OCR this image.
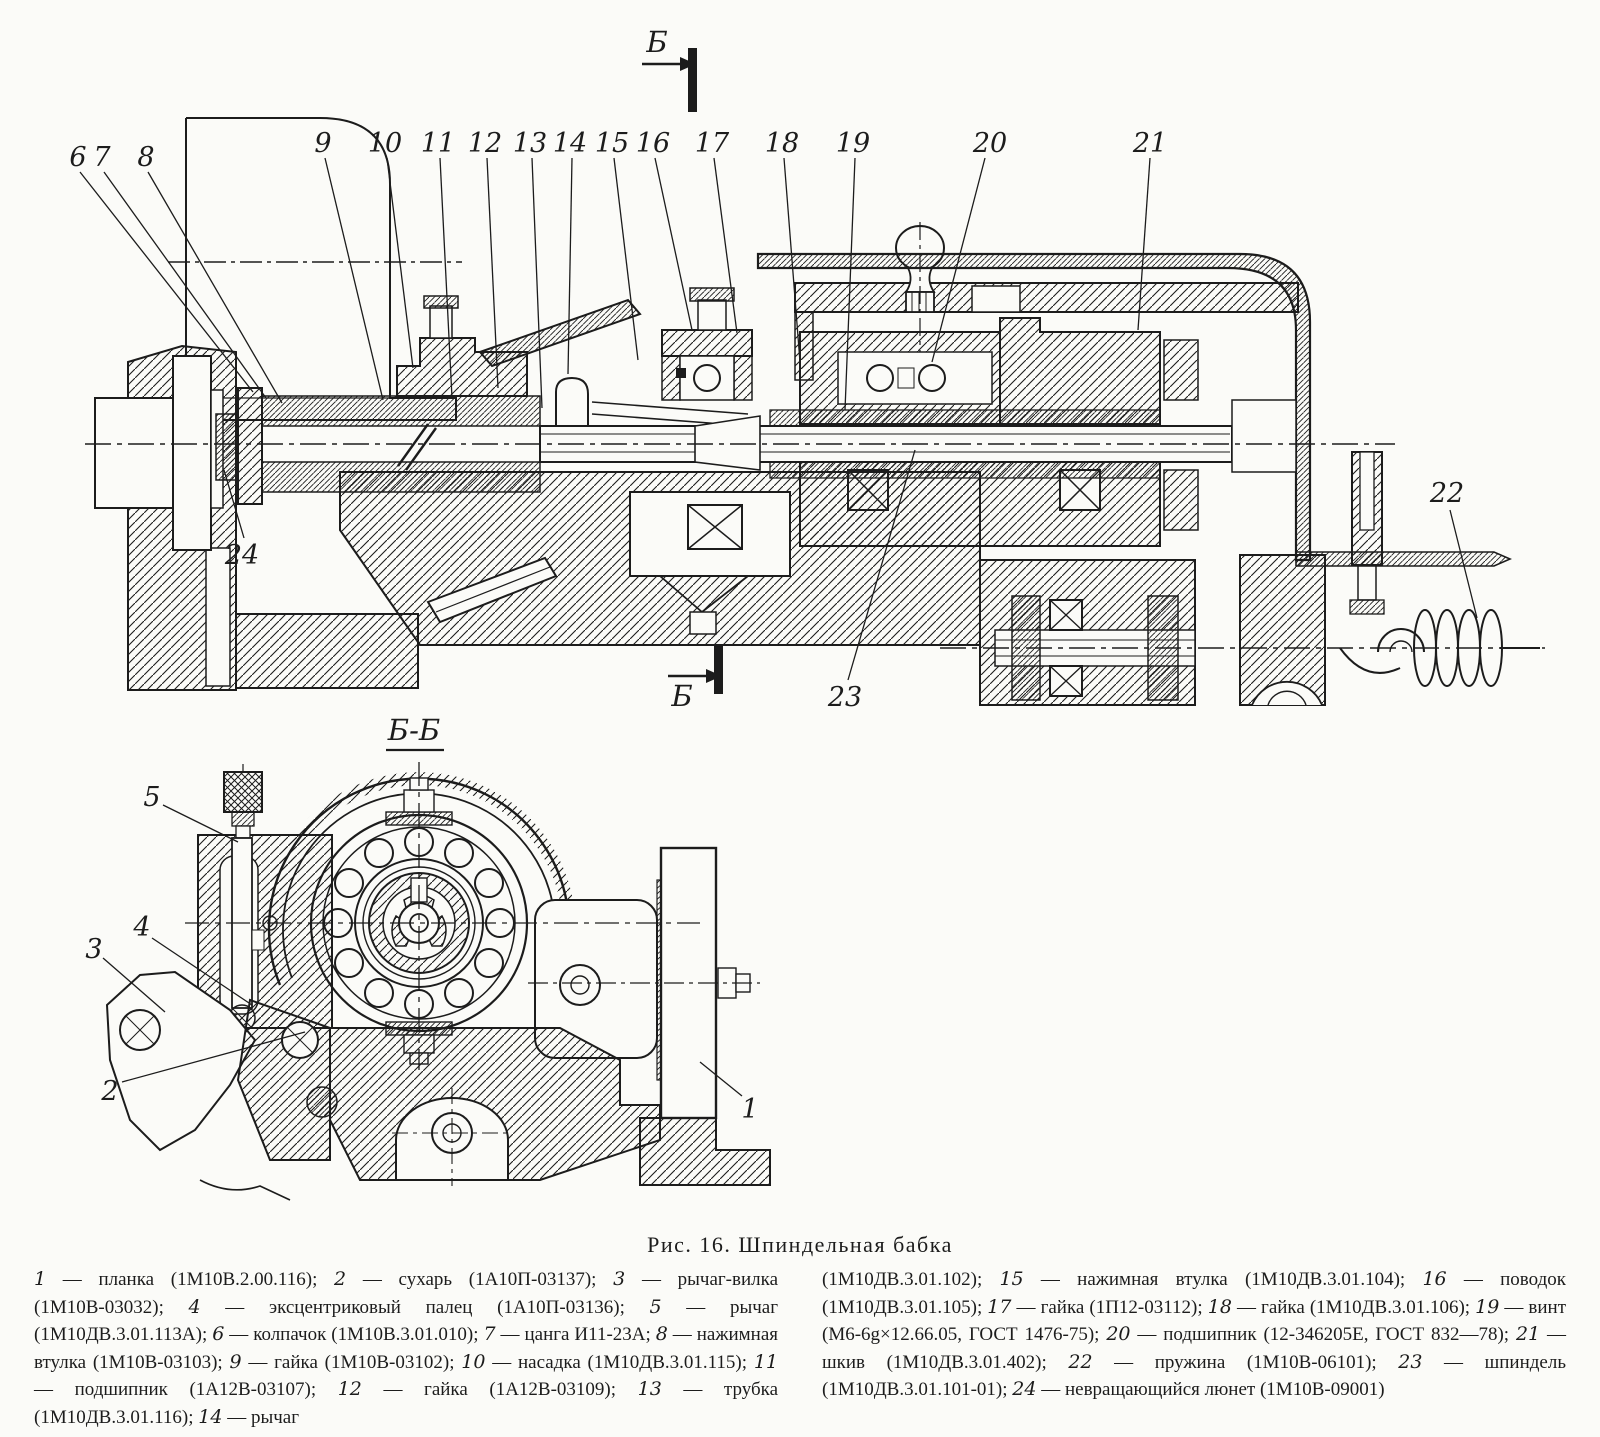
Б
Б
6 7 8	9 10 11 12 13 14 15 16 17 18 19	20	21
22
23
24
Б-Б
1
2
3
4
5
Рис. 16. Шпиндельная бабка
1 — планка (1М10В.2.00.116); 2 — сухарь (1А10П-03137); 3 — рычаг-вилка (1М10В-03032); 4 — эксцентриковый палец (1А10П-03136); 5 — рычаг (1М10ДВ.3.01.113А); 6 — колпачок (1М10В.3.01.010); 7 — цанга И11-23А; 8 — нажимная втулка (1М10В-03103); 9 — гайка (1М10В-03102); 10 — насадка (1М10ДВ.3.01.115); 11 — подшипник (1А12В-03107); 12 — гайка (1А12В-03109); 13 — трубка (1М10ДВ.3.01.116); 14 — рычаг
(1М10ДВ.3.01.102); 15 — нажимная втулка (1М10ДВ.3.01.104); 16 — поводок (1М10ДВ.3.01.105); 17 — гайка (1П12-03112); 18 — гайка (1М10ДВ.3.01.106); 19 — винт (М6-6g×12.66.05, ГОСТ 1476-75); 20 — подшипник (12-346205Е, ГОСТ 832—78); 21 — шкив (1М10ДВ.3.01.402); 22 — пружина (1М10В-06101); 23 — шпиндель (1М10ДВ.3.01.101-01); 24 — невращающийся люнет (1М10В-09001)
